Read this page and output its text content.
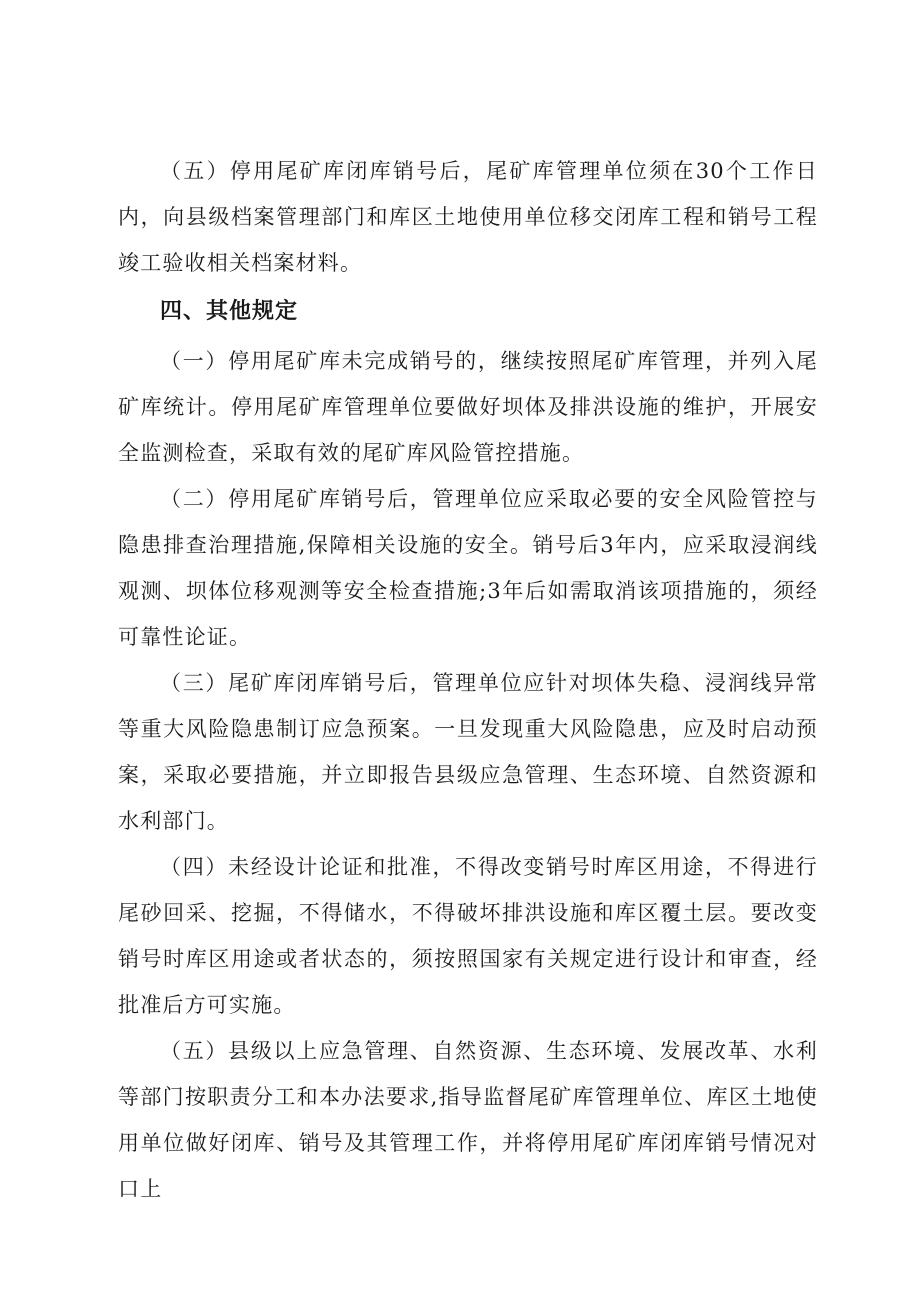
（五）停用尾矿库闭库销号后，尾矿库管理单位须在30个工作日内，向县级档案管理部门和库区土地使用单位移交闭库工程和销号工程竣工验收相关档案材料。

四、其他规定

（一）停用尾矿库未完成销号的，继续按照尾矿库管理，并列入尾矿库统计。停用尾矿库管理单位要做好坝体及排洪设施的维护，开展安全监测检查，采取有效的尾矿库风险管控措施。

（二）停用尾矿库销号后，管理单位应采取必要的安全风险管控与隐患排查治理措施,保障相关设施的安全。销号后3年内，应采取浸润线观测、坝体位移观测等安全检查措施;3年后如需取消该项措施的，须经可靠性论证。

（三）尾矿库闭库销号后，管理单位应针对坝体失稳、浸润线异常等重大风险隐患制订应急预案。一旦发现重大风险隐患，应及时启动预案，采取必要措施，并立即报告县级应急管理、生态环境、自然资源和水利部门。

（四）未经设计论证和批准，不得改变销号时库区用途，不得进行尾砂回采、挖掘，不得储水，不得破坏排洪设施和库区覆土层。要改变销号时库区用途或者状态的，须按照国家有关规定进行设计和审查，经批准后方可实施。

（五）县级以上应急管理、自然资源、生态环境、发展改革、水利等部门按职责分工和本办法要求,指导监督尾矿库管理单位、库区土地使用单位做好闭库、销号及其管理工作，并将停用尾矿库闭库销号情况对口上
